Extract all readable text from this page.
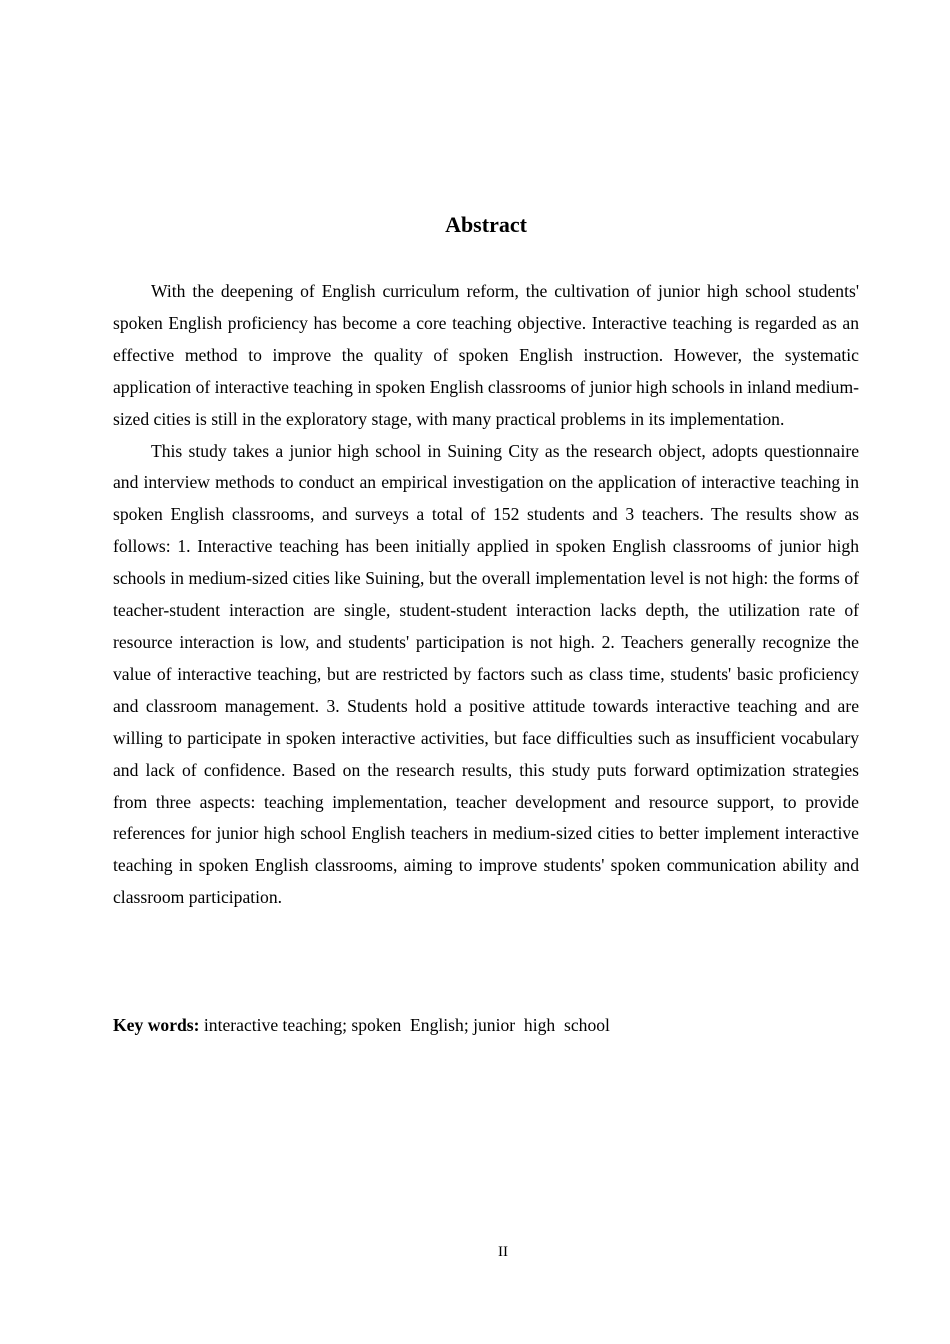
Abstract

With the deepening of English curriculum reform, the cultivation of junior high school students' spoken English proficiency has become a core teaching objective. Interactive teaching is regarded as an effective method to improve the quality of spoken English instruction. However, the systematic application of interactive teaching in spoken English classrooms of junior high schools in inland medium-sized cities is still in the exploratory stage, with many practical problems in its implementation.

This study takes a junior high school in Suining City as the research object, adopts questionnaire and interview methods to conduct an empirical investigation on the application of interactive teaching in spoken English classrooms, and surveys a total of 152 students and 3 teachers. The results show as follows: 1. Interactive teaching has been initially applied in spoken English classrooms of junior high schools in medium-sized cities like Suining, but the overall implementation level is not high: the forms of teacher-student interaction are single, student-student interaction lacks depth, the utilization rate of resource interaction is low, and students' participation is not high. 2. Teachers generally recognize the value of interactive teaching, but are restricted by factors such as class time, students' basic proficiency and classroom management. 3. Students hold a positive attitude towards interactive teaching and are willing to participate in spoken interactive activities, but face difficulties such as insufficient vocabulary and lack of confidence. Based on the research results, this study puts forward optimization strategies from three aspects: teaching implementation, teacher development and resource support, to provide references for junior high school English teachers in medium-sized cities to better implement interactive teaching in spoken English classrooms, aiming to improve students' spoken communication ability and classroom participation.

Key words: interactive teaching; spoken  English; junior  high  school
II
